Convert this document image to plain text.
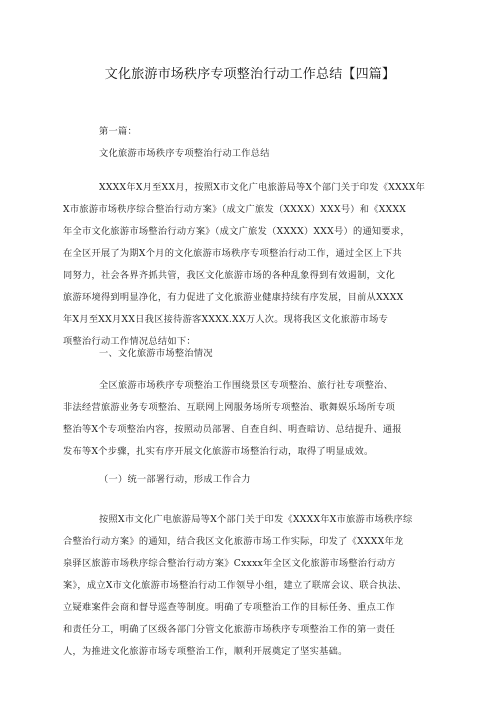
文化旅游市场秩序专项整治行动工作总结【四篇】
第一篇：
文化旅游市场秩序专项整治行动工作总结
XXXX年X月至XX月，按照X市文化广电旅游局等X个部门关于印发《XXXX年
X市旅游市场秩序综合整治行动方案》（成文广旅发（XXXX）XXX号）和《XXXX
年全市文化旅游市场整治行动方案》（成文广旅发（XXXX）XXX号）的通知要求，
在全区开展了为期X个月的文化旅游市场秩序专项整治行动工作，通过全区上下共
同努力，社会各界齐抓共管，我区文化旅游市场的各种乱象得到有效遏制，文化
旅游环境得到明显净化，有力促进了文化旅游业健康持续有序发展，目前从XXXX
年X月至XX月XX日我区接待游客XXXX.XX万人次。现将我区文化旅游市场专
项整治行动工作情况总结如下：
一、文化旅游市场整治情况
全区旅游市场秩序专项整治工作围绕景区专项整治、旅行社专项整治、
非法经营旅游业务专项整治、互联网上网服务场所专项整治、歌舞娱乐场所专项
整治等X个专项整治内容，按照动员部署、自查自纠、明查暗访、总结提升、通报
发布等X个步骤，扎实有序开展文化旅游市场整治行动，取得了明显成效。
（一）统一部署行动，形成工作合力
按照X市文化广电旅游局等X个部门关于印发《XXXX年X市旅游市场秩序综
合整治行动方案》的通知，结合我区文化旅游市场工作实际，印发了《XXXX年龙
泉驿区旅游市场秩序综合整治行动方案》Cxxxx年全区文化旅游市场整治行动方
案》，成立X市文化旅游市场整治行动工作领导小组，建立了联席会议、联合执法、
立疑难案件会商和督导巡查等制度。明确了专项整治工作的目标任务、重点工作
和责任分工，明确了区级各部门分管文化旅游市场秩序专项整治工作的第一责任
人，为推进文化旅游市场专项整治工作，顺利开展奠定了坚实基础。
